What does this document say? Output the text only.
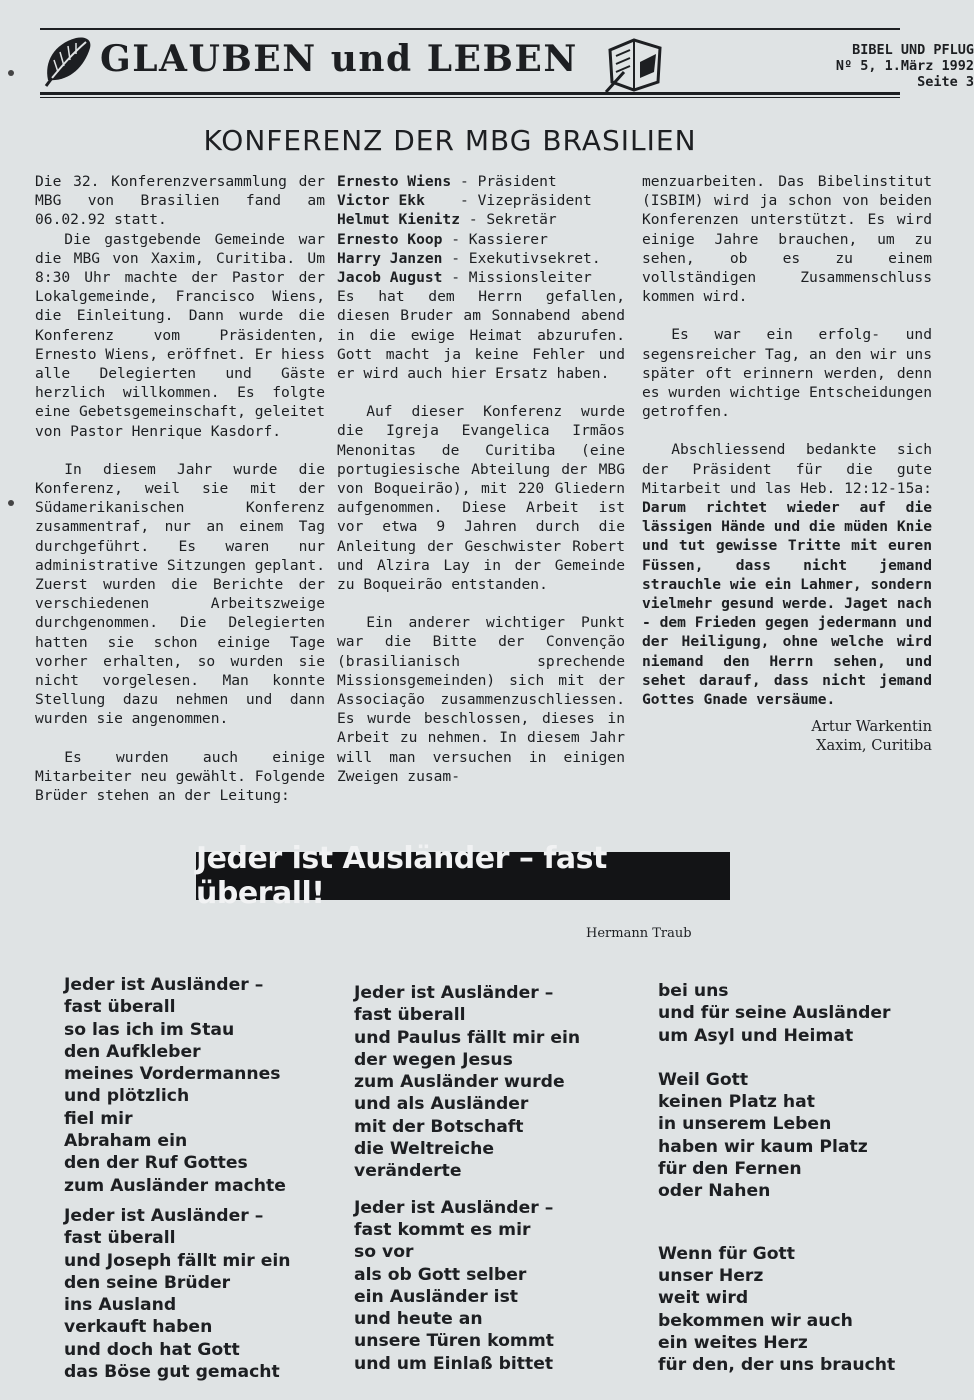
GLAUBEN und LEBEN	BIBEL UND PFLUG
Nº 5, 1.März 1992
Seite 3
KONFERENZ DER MBG BRASILIEN

Die 32. Konferenzversammlung der MBG von Brasilien fand am 06.02.92 statt.

Die gastgebende Gemeinde war die MBG von Xaxim, Curitiba. Um 8:30 Uhr machte der Pastor der Lokalgemeinde, Francisco Wiens, die Einleitung. Dann wurde die Konferenz vom Präsidenten, Ernesto Wiens, eröffnet. Er hiess alle Delegierten und Gäste herzlich willkommen. Es folgte eine Gebetsgemeinschaft, geleitet von Pastor Henrique Kasdorf.

In diesem Jahr wurde die Konferenz, weil sie mit der Südamerikanischen Konferenz zusammentraf, nur an einem Tag durchgeführt. Es waren nur administrative Sitzungen geplant. Zuerst wurden die Berichte der verschiedenen Arbeitszweige durchgenommen. Die Delegierten hatten sie schon einige Tage vorher erhalten, so wurden sie nicht vorgelesen. Man konnte Stellung dazu nehmen und dann wurden sie angenommen.

Es wurden auch einige Mitarbeiter neu gewählt. Folgende Brüder stehen an der Leitung:

Ernesto Wiens
- Präsident
Victor Ekk
- Vizepräsident
Helmut Kienitz
- Sekretär
Ernesto Koop
- Kassierer
Harry Janzen
- Exekutivsekret.
Jacob August
- Missionsleiter

Es hat dem Herrn gefallen, diesen Bruder am Sonnabend abend in die ewige Heimat abzurufen. Gott macht ja keine Fehler und er wird auch hier Ersatz haben.

Auf dieser Konferenz wurde die Igreja Evangelica Irmãos Menonitas de Curitiba (eine portugiesische Abteilung der MBG von Boqueirão), mit 220 Gliedern aufgenommen. Diese Arbeit ist vor etwa 9 Jahren durch die Anleitung der Geschwister Robert und Alzira Lay in der Gemeinde zu Boqueirão entstanden.

Ein anderer wichtiger Punkt war die Bitte der Convenção (brasilianisch sprechende Missionsgemeinden) sich mit der Associação zusammenzuschliessen. Es wurde beschlossen, dieses in Arbeit zu nehmen. In diesem Jahr will man versuchen in einigen Zweigen zusam-

menzuarbeiten. Das Bibelinstitut (ISBIM) wird ja schon von beiden Konferenzen unterstützt. Es wird einige Jahre brauchen, um zu sehen, ob es zu einem vollständigen Zusammenschluss kommen wird.

Es war ein erfolg- und segensreicher Tag, an den wir uns später oft erinnern werden, denn es wurden wichtige Entscheidungen getroffen.

Abschliessend bedankte sich der Präsident für die gute Mitarbeit und las Heb. 12:12-15a:

Darum richtet wieder auf die lässigen Hände und die müden Knie und tut gewisse Tritte mit euren Füssen, dass nicht jemand strauchle wie ein Lahmer, sondern vielmehr gesund werde. Jaget nach - dem Frieden gegen jedermann und der Heiligung, ohne welche wird niemand den Herrn sehen, und sehet darauf, dass nicht jemand Gottes Gnade versäume.

Artur Warkentin

Xaxim, Curitiba

Jeder ist Ausländer – fast überall!
Hermann Traub

Jeder ist Ausländer –

fast überall

so las ich im Stau

den Aufkleber

meines Vordermannes

und plötzlich

fiel mir

Abraham ein

den der Ruf Gottes

zum Ausländer machte

Jeder ist Ausländer –

fast überall

und Joseph fällt mir ein

den seine Brüder

ins Ausland

verkauft haben

und doch hat Gott

das Böse gut gemacht

Jeder ist Ausländer –

fast überall

und Paulus fällt mir ein

der wegen Jesus

zum Ausländer wurde

und als Ausländer

mit der Botschaft

die Weltreiche

veränderte

Jeder ist Ausländer –

fast kommt es mir

so vor

als ob Gott selber

ein Ausländer ist

und heute an

unsere Türen kommt

und um Einlaß bittet

bei uns

und für seine Ausländer

um Asyl und Heimat

Weil Gott

keinen Platz hat

in unserem Leben

haben wir kaum Platz

für den Fernen

oder Nahen

Wenn für Gott

unser Herz

weit wird

bekommen wir auch

ein weites Herz

für den, der uns braucht
